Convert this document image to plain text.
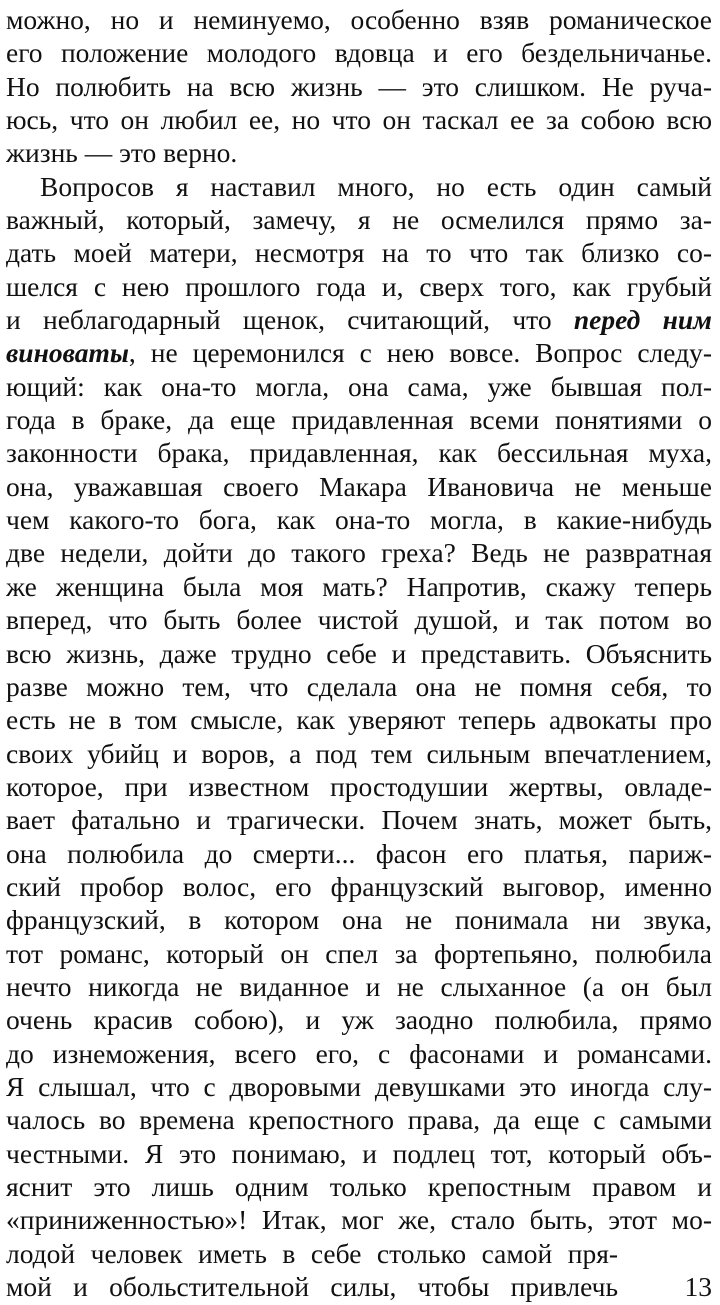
можно, но и неминуемо, особенно взяв романическое
его положение молодого вдовца и его бездельничанье.
Но полюбить на всю жизнь — это слишком. Не руча-
юсь, что он любил ее, но что он таскал ее за собою всю
жизнь — это верно.
Вопросов я наставил много, но есть один самый
важный, который, замечу, я не осмелился прямо за-
дать моей матери, несмотря на то что так близко со-
шелся с нею прошлого года и, сверх того, как грубый
и неблагодарный щенок, считающий, что перед ним
виноваты, не церемонился с нею вовсе. Вопрос следу-
ющий: как она-то могла, она сама, уже бывшая пол-
года в браке, да еще придавленная всеми понятиями о
законности брака, придавленная, как бессильная муха,
она, уважавшая своего Макара Ивановича не меньше
чем какого-то бога, как она-то могла, в какие-нибудь
две недели, дойти до такого греха? Ведь не развратная
же женщина была моя мать? Напротив, скажу теперь
вперед, что быть более чистой душой, и так потом во
всю жизнь, даже трудно себе и представить. Объяснить
разве можно тем, что сделала она не помня себя, то
есть не в том смысле, как уверяют теперь адвокаты про
своих убийц и воров, а под тем сильным впечатлением,
которое, при известном простодушии жертвы, овладе-
вает фатально и трагически. Почем знать, может быть,
она полюбила до смерти... фасон его платья, париж-
ский пробор волос, его французский выговор, именно
французский, в котором она не понимала ни звука,
тот романс, который он спел за фортепьяно, полюбила
нечто никогда не виданное и не слыханное (а он был
очень красив собою), и уж заодно полюбила, прямо
до изнеможения, всего его, с фасонами и романсами.
Я слышал, что с дворовыми девушками это иногда слу-
чалось во времена крепостного права, да еще с самыми
честными. Я это понимаю, и подлец тот, который объ-
яснит это лишь одним только крепостным правом и
«приниженностью»! Итак, мог же, стало быть, этот мо-
лодой человек иметь в себе столько самой пря-
мой и обольстительной силы, чтобы привлечь 13
